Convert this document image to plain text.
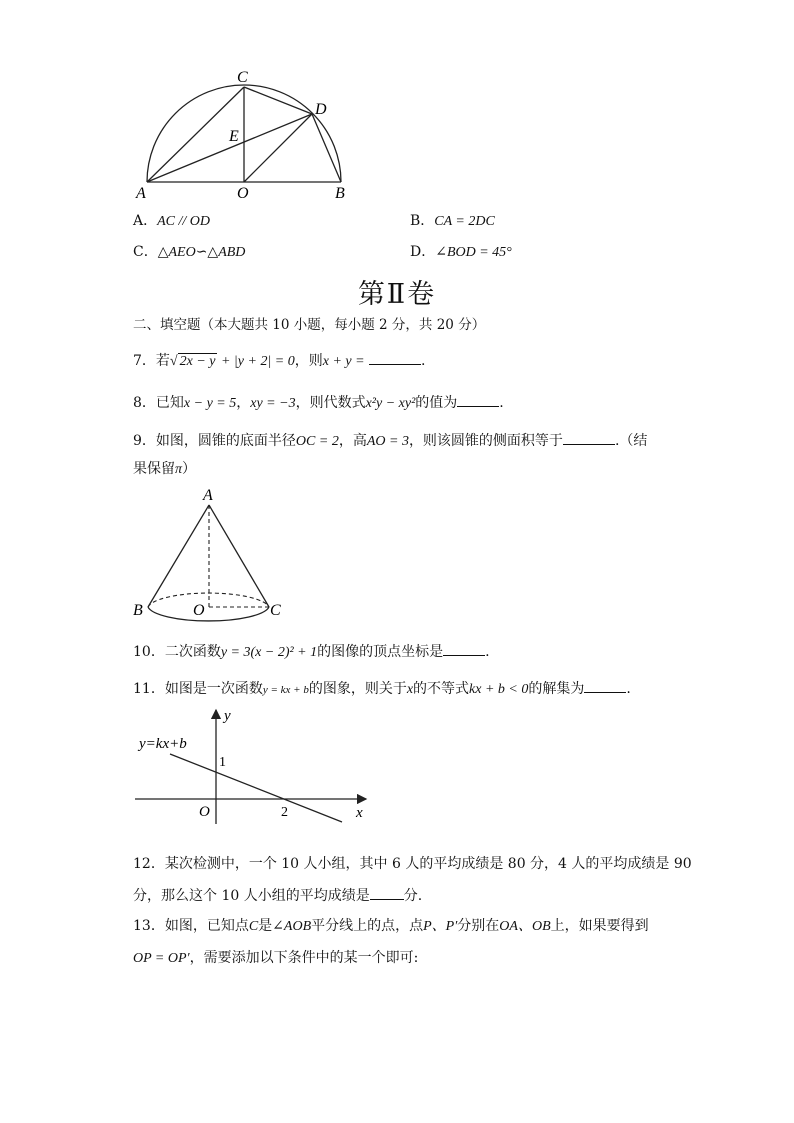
C
D
E
A	O	B
A．AC // OD	B．CA = 2DC
C．△AEO∽△ABD	D．∠BOD = 45°
第Ⅱ卷
二、填空题（本大题共 10 小题，每小题 2 分，共 20 分）
7．若√ 2x − y + |y + 2| = 0，则x + y =	.
8．已知x − y = 5，xy = −3，则代数式x²y − xy²的值为	.
9．如图，圆锥的底面半径OC = 2，高AO = 3，则该圆锥的侧面积等于	.（结
果保留π）
A
B	O	C
10．二次函数y = 3(x − 2)² + 1的图像的顶点坐标是	.
11．如图是一次函数y = kx + b的图象，则关于x的不等式kx + b < 0的解集为	.
y=kx+b
y
x
O
1
2
12．某次检测中，一个 10 人小组，其中 6 人的平均成绩是 80 分，4 人的平均成绩是 90
分，那么这个 10 人小组的平均成绩是 分.
13．如图，已知点C是∠AOB平分线上的点，点P、P′分别在OA、OB上，如果要得到
OP = OP′，需要添加以下条件中的某一个即可:
